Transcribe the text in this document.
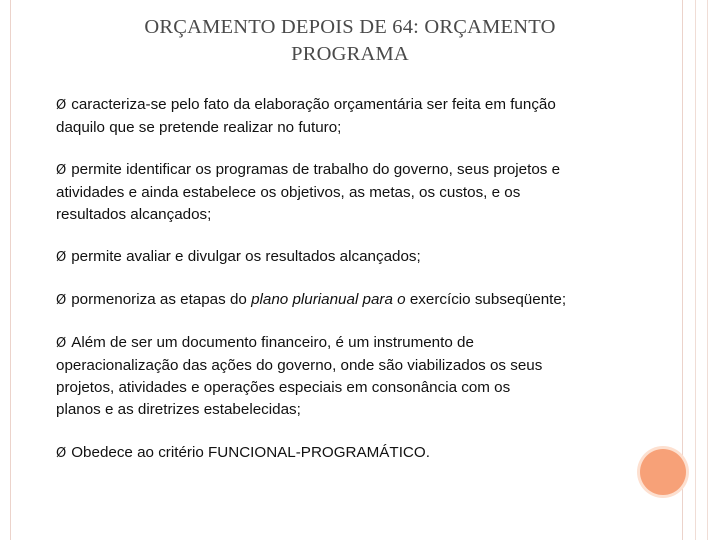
ORÇAMENTO DEPOIS DE 64: ORÇAMENTO
PROGRAMA
Ø caracteriza-se pelo fato da elaboração orçamentária ser feita em função
daquilo que se pretende realizar no futuro;
Ø permite identificar os programas de trabalho do governo, seus projetos e
atividades e ainda estabelece os objetivos, as metas, os custos, e os
resultados alcançados;
Ø permite avaliar e divulgar os resultados alcançados;
Ø pormenoriza as etapas do plano plurianual para o exercício subseqüente;
Ø Além de ser um documento financeiro, é um instrumento de
operacionalização das ações do governo, onde são viabilizados os seus
projetos, atividades e operações especiais em consonância com os
planos e as diretrizes estabelecidas;
Ø Obedece ao critério FUNCIONAL-PROGRAMÁTICO.
